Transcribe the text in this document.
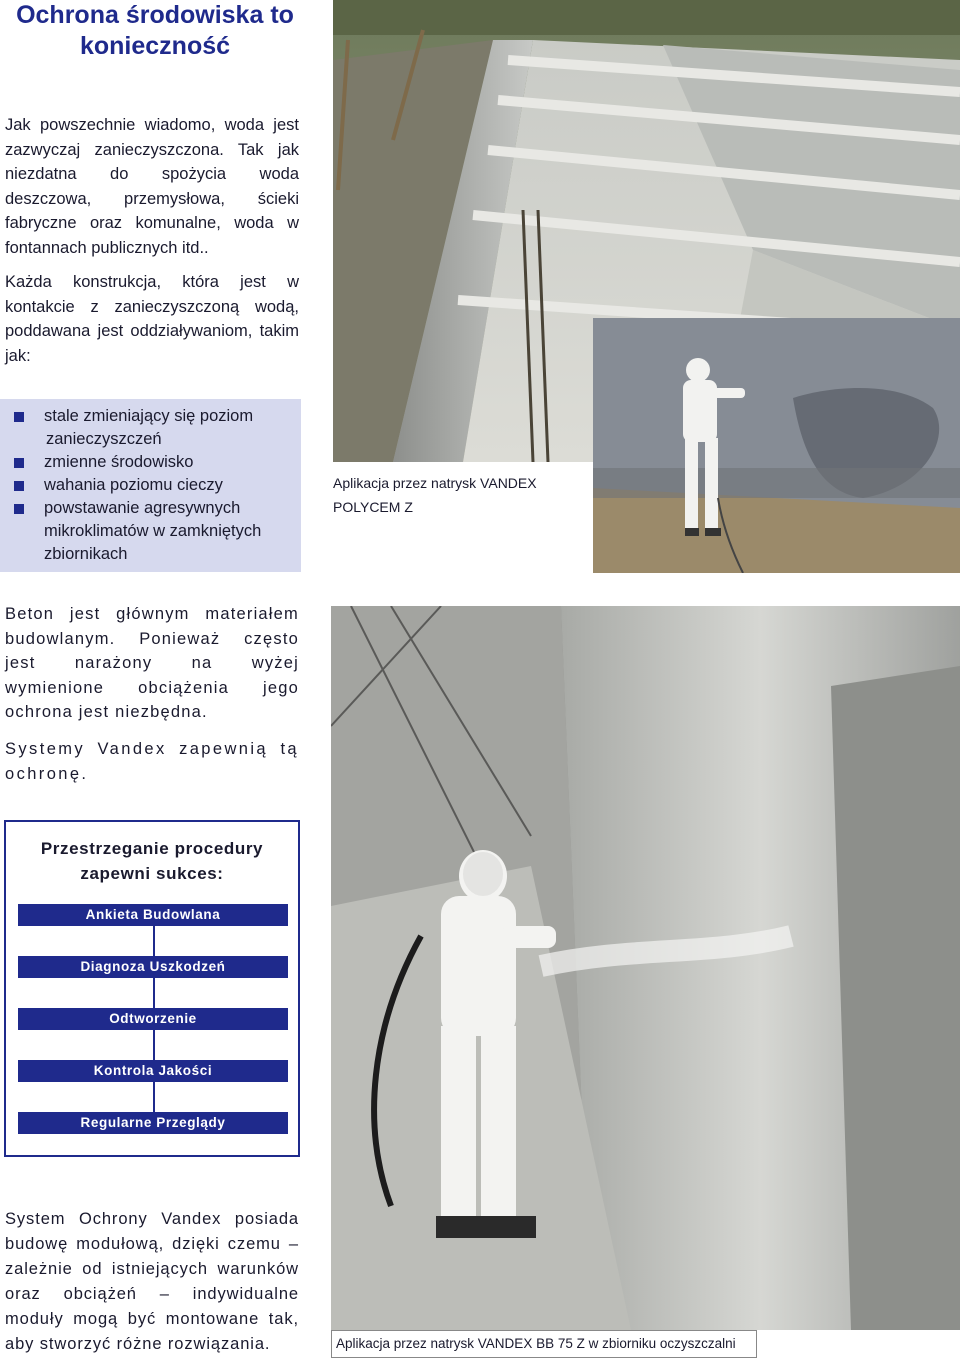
Ochrona środowiska to
konieczność
Jak powszechnie wiadomo, woda jest zazwyczaj zanieczyszczona. Tak jak niezdatna do spożycia woda deszczowa, przemysłowa, ścieki fabryczne oraz komunalne, woda w fontannach publicznych itd..
Każda konstrukcja, która jest w kontakcie z zanieczyszczoną wodą, poddawana jest oddziaływaniom, takim jak:
stale zmieniający się poziom
zanieczyszczeń
zmienne środowisko
wahania poziomu cieczy
powstawanie agresywnych mikroklimatów w zamkniętych zbiornikach
Aplikacja przez natrysk VANDEX
POLYCEM Z
Beton jest głównym materiałem budowlanym. Ponieważ często jest narażony na wyżej wymienione obciążenia jego ochrona jest niezbędna.
Systemy Vandex zapewnią tą ochronę.
Przestrzeganie procedury
zapewni sukces:
Ankieta Budowlana
Diagnoza Uszkodzeń
Odtworzenie
Kontrola Jakości
Regularne Przeglądy
Aplikacja przez natrysk VANDEX BB 75 Z w zbiorniku oczyszczalni
System Ochrony Vandex posiada budowę modułową, dzięki czemu – zależnie od istniejących warunków oraz obciążeń – indywidualne moduły mogą być montowane tak, aby stworzyć różne rozwiązania.
